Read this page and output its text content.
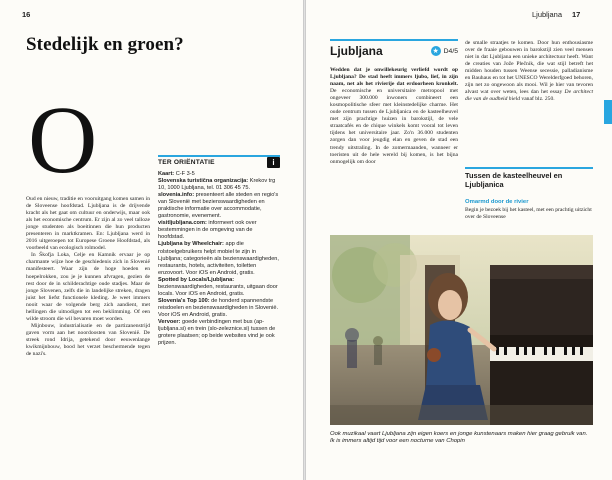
16
Stedelijk en groen?
O

Oud en nieuw, traditie en vooruitgang komen samen in de Sloveense hoofdstad. Ljubljana is de drijvende kracht als het gaat om cultuur en onderwijs, maar ook als het economische centrum. Er zijn al zo veel talloze jonge studenten als boeitinnen die hun producten presenteren in marktkramen. En: Ljubljana werd in 2016 uitgeroepen tot Europese Groene Hoofdstad, als voorbeeld van ecologisch rolmodel.

In Škofja Loka, Celje en Kamnik ervaar je op charmante wijze hoe de geschiedenis zich in Slovenië manifesteert. Waar zijn de hoge hoeden en hoepelrokken, zou je je kunnen afvragen, gezien de rest door de in schilderachtige oude stadjes. Maar de jonge Slovenen, zelfs die in landelijke streken, dragen juist het liefst functionele kleding. Je weet immers nooit waar de volgende berg zich aandient, met hellingen die uitnodigen tot een beklimming. Of een wilde stroom die wil bevaren moet worden.

Mijnbouw, industrialisatie en de partizanenstrijd gaven vorm aan het noordoosten van Slovenië. De streek rond Idrija, getekend door eeuwenlange kwikmijnbouw, bood het verzet beschermende tegen de nazi's.

TER ORIËNTATIE	i
Kaart: C-F 3-5
Slovenska turistična organizacija: Krekov trg 10, 1000 Ljubljana, tel. 01 306 45 75.
slovenia.info: presenteert alle steden en regio's van Slovenië met bezienswaardigheden en praktische informatie over accommodatie, gastronomie, evenement.
visitljubljana.com: informeert ook over bestemmingen in de omgeving van de hoofdstad.
Ljubljana by Wheelchair: app die rolstoelgebruikers helpt mobiel te zijn in Ljubljana; categorieën als bezienswaardigheden, restaurants, hotels, activiteiten, toiletten enzovoort. Voor iOS en Android, gratis.
Spotted by Locals/Ljubljana: bezienswaardigheden, restaurants, uitgaan door locals. Voor iOS en Android, gratis.
Slovenia's Top 100: de honderd spannendste reisdoelen en bezienswaardigheden in Slovenië. Voor iOS en Android, gratis.
Vervoer: goede verbindingen met bus (ap-ljubljana.si) en trein (slo-zeleznice.si) tussen de grotere plaatsen; op beide websites vind je ook prijzen.
Ljubljana 17
Ljubljana	★ D4/5
Wedden dat je onwillekeurig verliefd wordt op Ljubljana? De stad heeft immers ljubo, lief, in zijn naam, net als het rivierije dat erdoorheen kronkelt. De economische en universitaire metropool met ongeveer 300.000 inwoners combineert een kosmopolitische sfeer met kleinstedelijke charme. Het oude centrum tussen de Ljubljanica en de kasteelheuvel met zijn prachtige huizen in barokstijl, de vele straatcafés en de chique winkels komt vooral tot leven tijdens het universitaire jaar. Zo'n 36.000 studenten zorgen dan voor jeugdig elan en geven de stad een trendy uitstraling. In de zomermaanden, wanneer er toeristen uit de hele wereld bij komen, is het bijna onmogelijk om door
de smalle straatjes te komen. Door hun enthousiasme over de fraaie gebouwen in barokstijl zien veel mensen niet in dat Ljubljana een unieke architectuur heeft. Want de creaties van Jože Plečnik, die wat stijl betreft het midden houden tussen Weense secessie, palladianisme en Bauhaus en tot het UNESCO Werelderfgoed behoren, zijn net zo ongewoon als mooi. Wil je hier van tevoren alvast wat over weten, lees dan het essay De architect die van de oudheid hield vanaf blz. 250.
Tussen de kasteelheuvel en Ljubljanica
Omarmd door de rivier
Begin je bezoek bij het kasteel, met een prachtig uitzicht over de Sloveense
Ook muzikaal vaart Ljubljana zijn eigen koers en jonge kunstenaars maken hier graag gebruik van. Ik is immers altijd tijd voor een nocturne van Chopin
